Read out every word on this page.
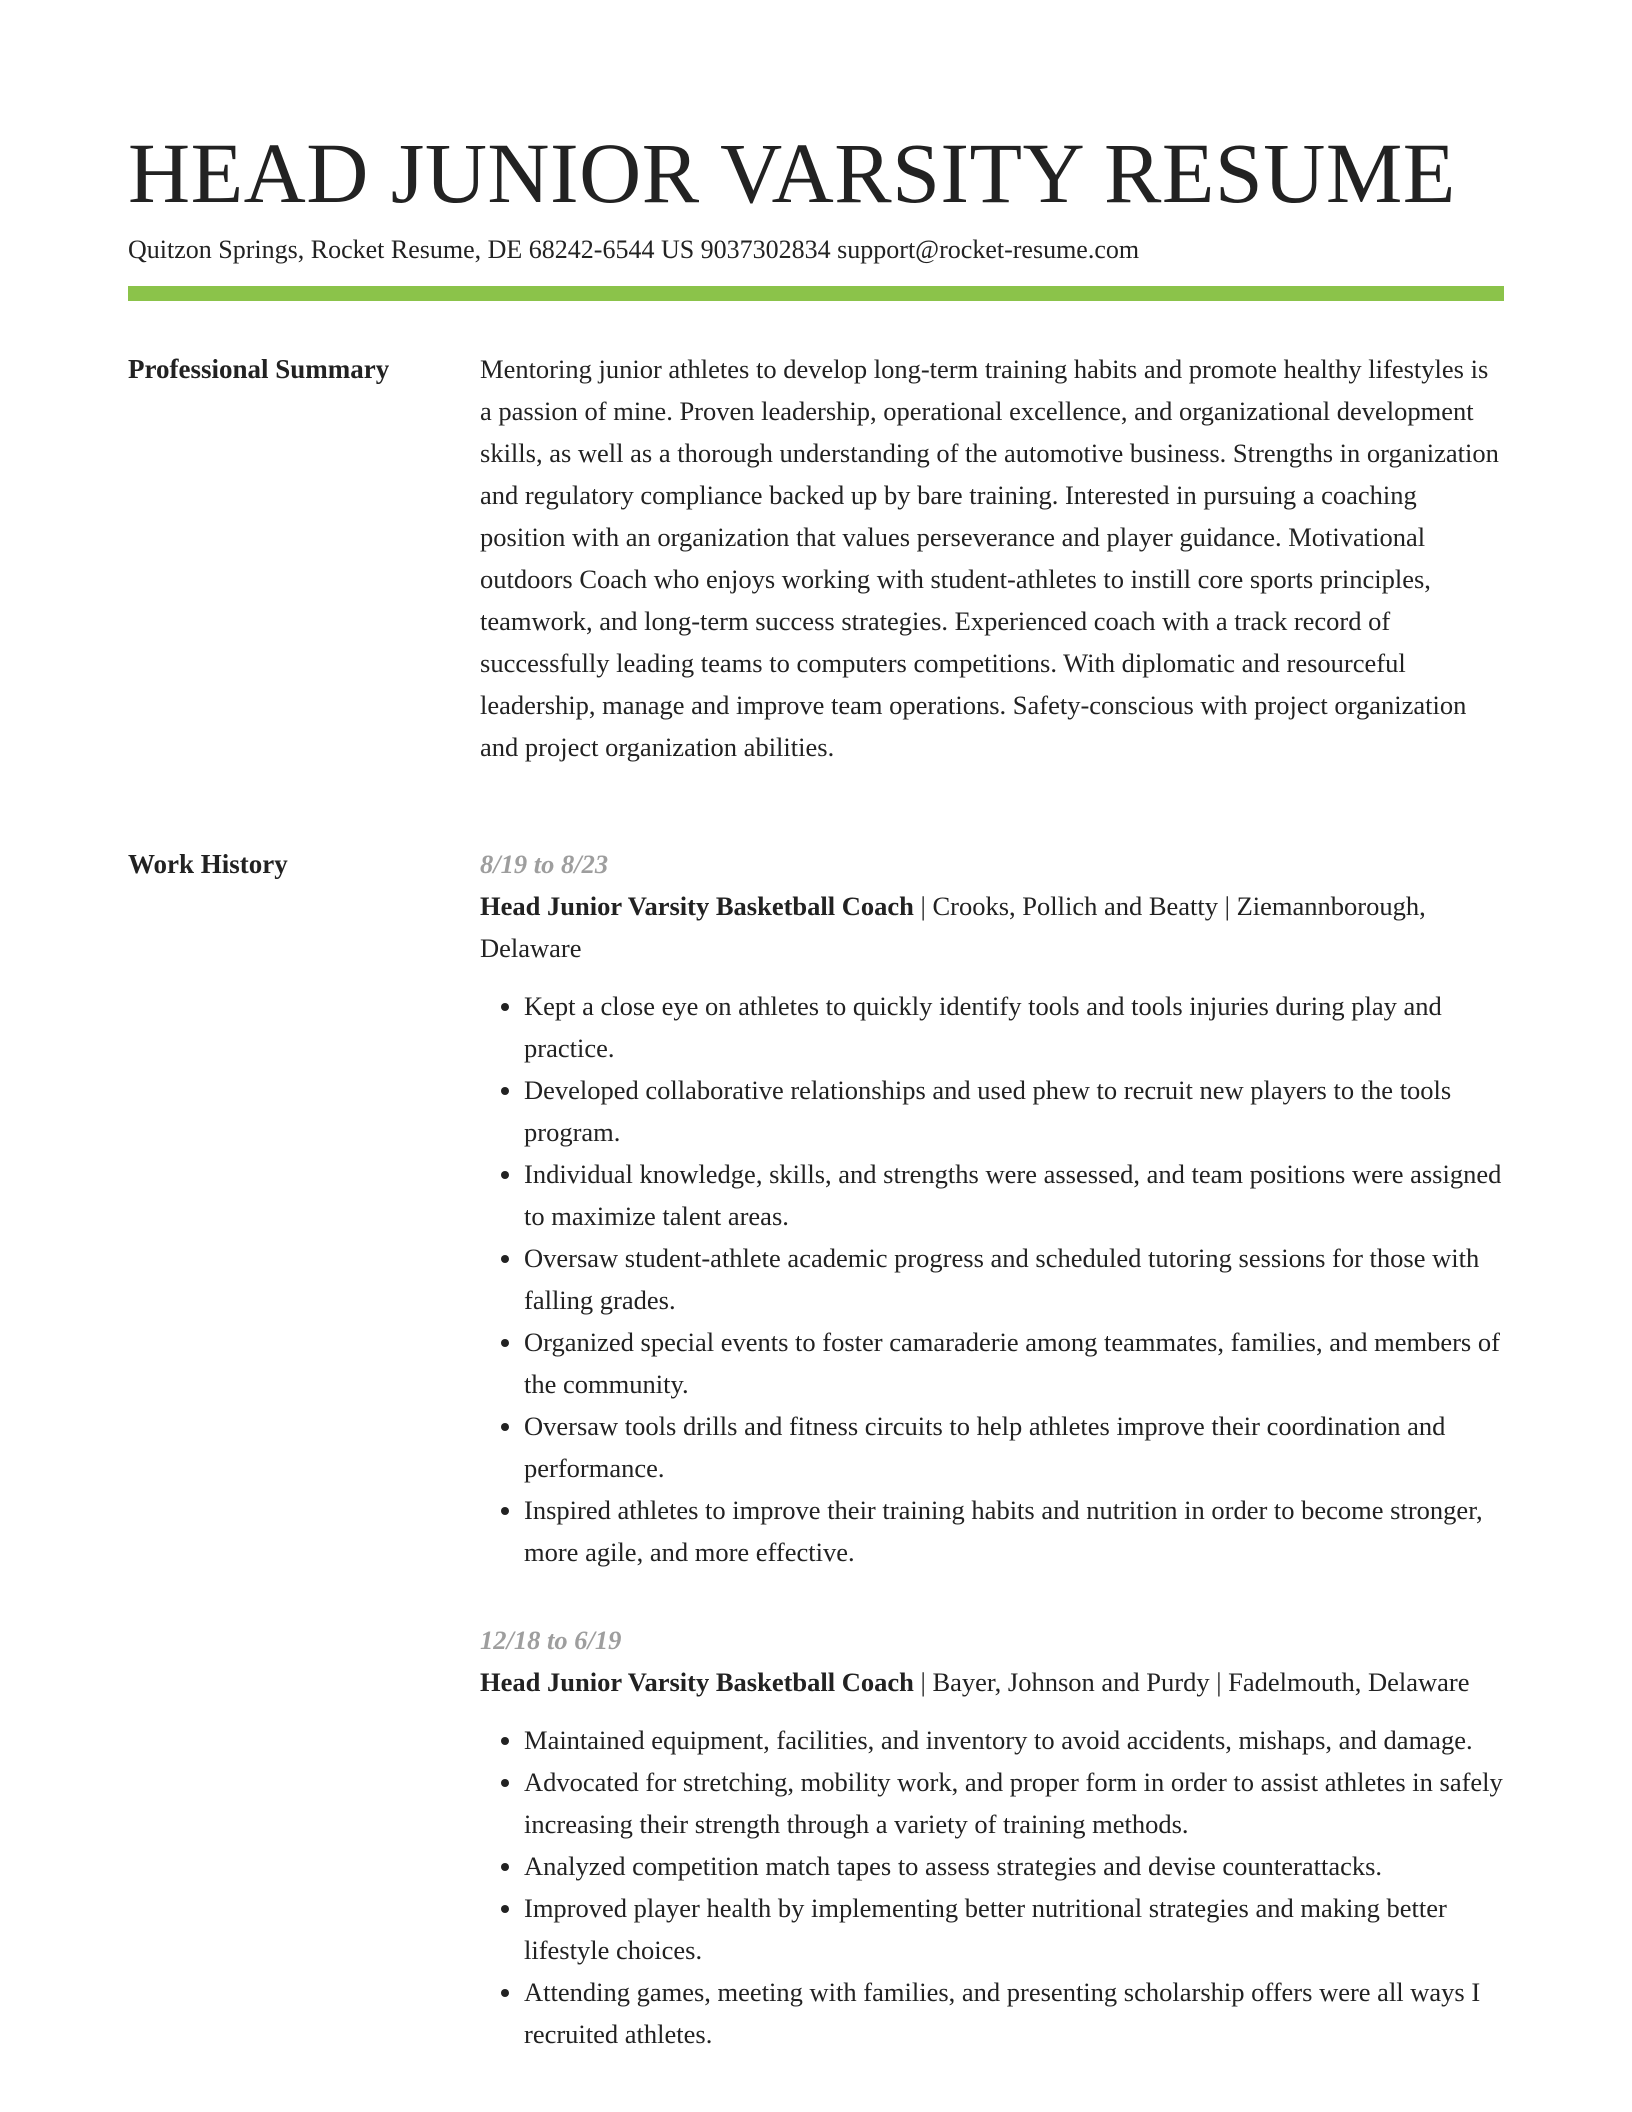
HEAD JUNIOR VARSITY RESUME
Quitzon Springs, Rocket Resume, DE 68242-6544 US 9037302834 support@rocket-resume.com
Professional Summary	Mentoring junior athletes to develop long-term training habits and promote healthy lifestyles is a passion of mine. Proven leadership, operational excellence, and organizational development skills, as well as a thorough understanding of the automotive business. Strengths in organization and regulatory compliance backed up by bare training. Interested in pursuing a coaching position with an organization that values perseverance and player guidance. Motivational outdoors Coach who enjoys working with student-athletes to instill core sports principles, teamwork, and long-term success strategies. Experienced coach with a track record of successfully leading teams to computers competitions. With diplomatic and resourceful leadership, manage and improve team operations. Safety-conscious with project organization and project organization abilities.

Work History	8/19 to 8/23

Head Junior Varsity Basketball Coach | Crooks, Pollich and Beatty | Ziemannborough, Delaware

• Kept a close eye on athletes to quickly identify tools and tools injuries during play and practice.
• Developed collaborative relationships and used phew to recruit new players to the tools program.
• Individual knowledge, skills, and strengths were assessed, and team positions were assigned to maximize talent areas.
• Oversaw student-athlete academic progress and scheduled tutoring sessions for those with falling grades.
• Organized special events to foster camaraderie among teammates, families, and members of the community.
• Oversaw tools drills and fitness circuits to help athletes improve their coordination and performance.
• Inspired athletes to improve their training habits and nutrition in order to become stronger, more agile, and more effective.

12/18 to 6/19

Head Junior Varsity Basketball Coach | Bayer, Johnson and Purdy | Fadelmouth, Delaware

• Maintained equipment, facilities, and inventory to avoid accidents, mishaps, and damage.
• Advocated for stretching, mobility work, and proper form in order to assist athletes in safely increasing their strength through a variety of training methods.
• Analyzed competition match tapes to assess strategies and devise counterattacks.
• Improved player health by implementing better nutritional strategies and making better lifestyle choices.
• Attending games, meeting with families, and presenting scholarship offers were all ways I recruited athletes.
